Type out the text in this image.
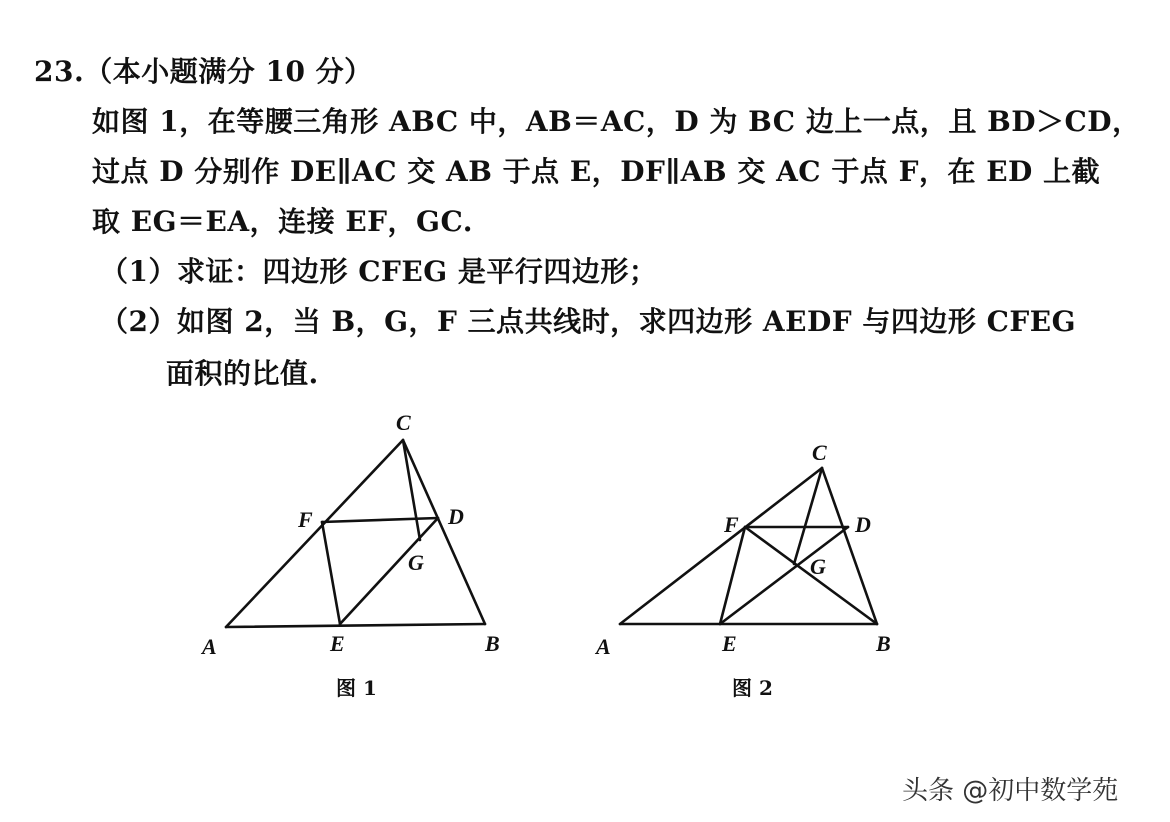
23.（本小题满分 10 分）
如图 1，在等腰三角形 ABC 中，AB＝AC，D 为 BC 边上一点，且 BD＞CD，
过点 D 分别作 DE∥AC 交 AB 于点 E，DF∥AB 交 AC 于点 F，在 ED 上截
取 EG＝EA，连接 EF，GC.
（1）求证：四边形 CFEG 是平行四边形；
（2）如图 2，当 B，G，F 三点共线时，求四边形 AEDF 与四边形 CFEG
面积的比值.
C
F	D
G
A	E	B
图 1
C
F	D
G
A	E	B
图 2
头条 @初中数学苑
